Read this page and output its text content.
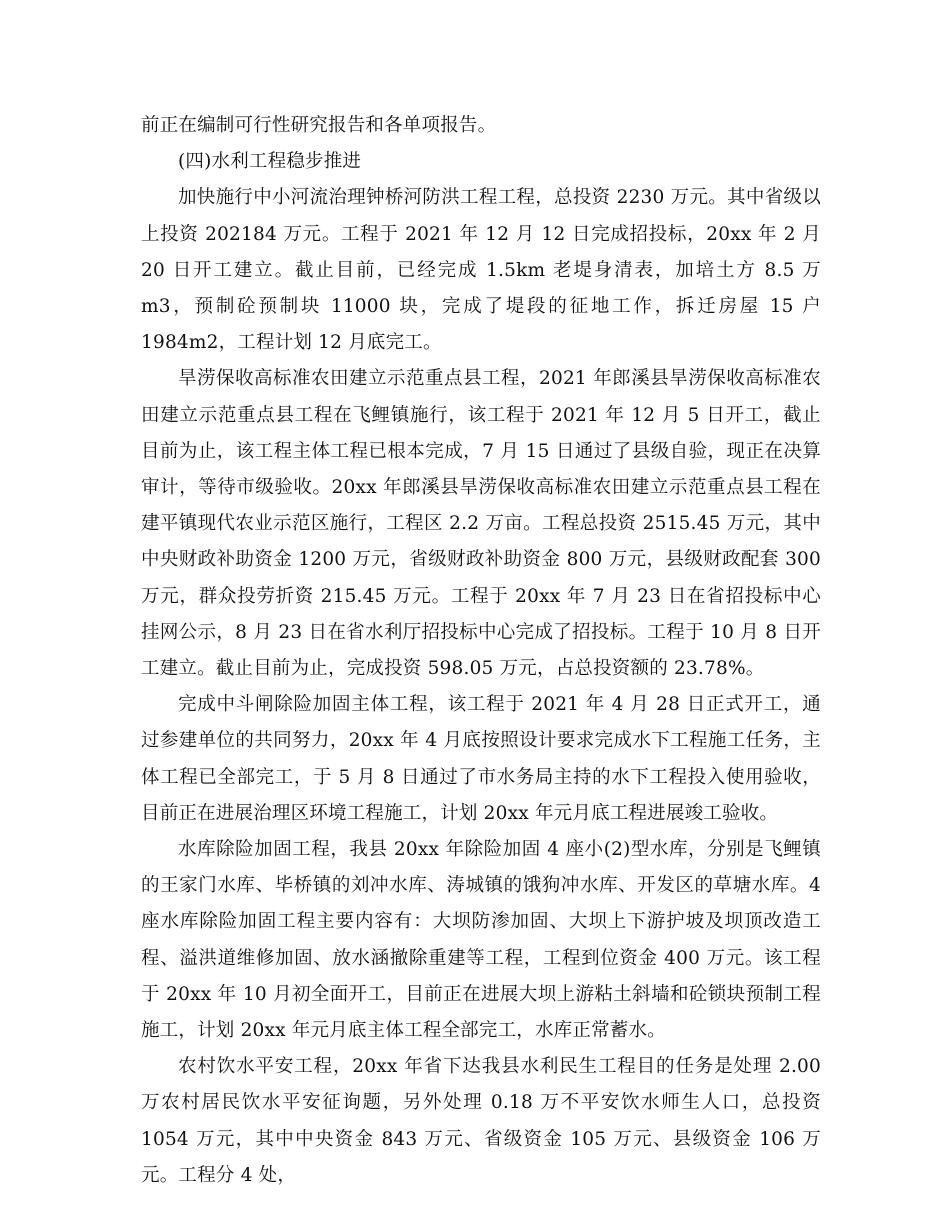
前正在编制可行性研究报告和各单项报告。

(四)水利工程稳步推进

加快施行中小河流治理钟桥河防洪工程工程，总投资 2230 万元。其中省级以上投资 202184 万元。工程于 2021 年 12 月 12 日完成招投标，20xx 年 2 月 20 日开工建立。截止目前，已经完成 1.5km 老堤身清表，加培土方 8.5 万 m3，预制砼预制块 11000 块，完成了堤段的征地工作，拆迁房屋 15 户 1984m2，工程计划 12 月底完工。

旱涝保收高标准农田建立示范重点县工程，2021 年郎溪县旱涝保收高标准农田建立示范重点县工程在飞鲤镇施行，该工程于 2021 年 12 月 5 日开工，截止目前为止，该工程主体工程已根本完成，7 月 15 日通过了县级自验，现正在决算审计，等待市级验收。20xx 年郎溪县旱涝保收高标准农田建立示范重点县工程在建平镇现代农业示范区施行，工程区 2.2 万亩。工程总投资 2515.45 万元，其中中央财政补助资金 1200 万元，省级财政补助资金 800 万元，县级财政配套 300 万元，群众投劳折资 215.45 万元。工程于 20xx 年 7 月 23 日在省招投标中心挂网公示，8 月 23 日在省水利厅招投标中心完成了招投标。工程于 10 月 8 日开工建立。截止目前为止，完成投资 598.05 万元，占总投资额的 23.78%。

完成中斗闸除险加固主体工程，该工程于 2021 年 4 月 28 日正式开工，通过参建单位的共同努力，20xx 年 4 月底按照设计要求完成水下工程施工任务，主体工程已全部完工，于 5 月 8 日通过了市水务局主持的水下工程投入使用验收，目前正在进展治理区环境工程施工，计划 20xx 年元月底工程进展竣工验收。

水库除险加固工程，我县 20xx 年除险加固 4 座小(2)型水库，分别是飞鲤镇的王家门水库、毕桥镇的刘冲水库、涛城镇的饿狗冲水库、开发区的草塘水库。4 座水库除险加固工程主要内容有：大坝防渗加固、大坝上下游护坡及坝顶改造工程、溢洪道维修加固、放水涵撤除重建等工程，工程到位资金 400 万元。该工程于 20xx 年 10 月初全面开工，目前正在进展大坝上游粘土斜墙和砼锁块预制工程施工，计划 20xx 年元月底主体工程全部完工，水库正常蓄水。

农村饮水平安工程，20xx 年省下达我县水利民生工程目的任务是处理 2.00 万农村居民饮水平安征询题，另外处理 0.18 万不平安饮水师生人口，总投资 1054 万元，其中中央资金 843 万元、省级资金 105 万元、县级资金 106 万元。工程分 4 处，
